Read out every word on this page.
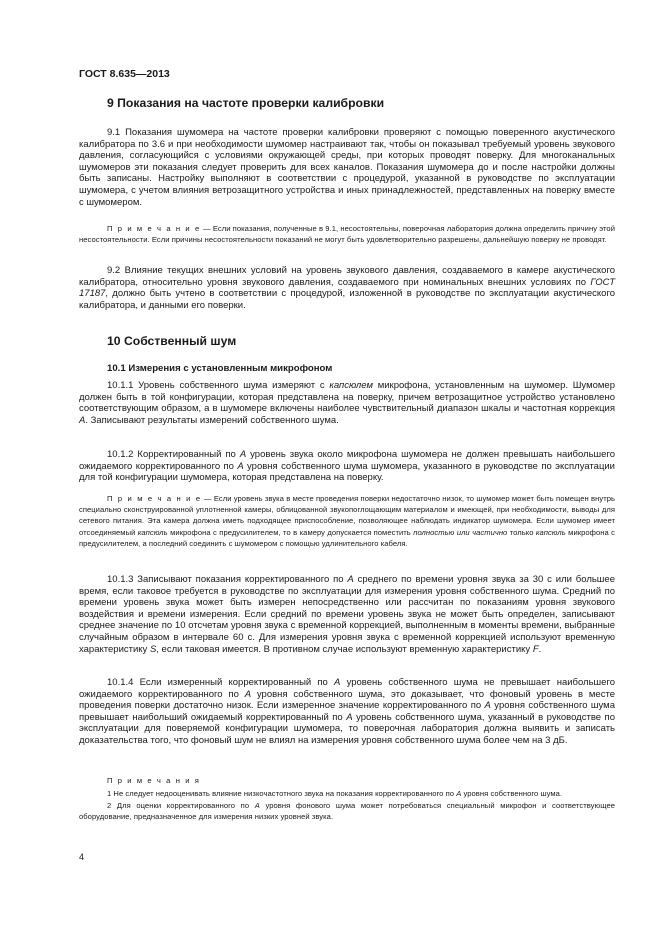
ГОСТ 8.635—2013

9 Показания на частоте проверки калибровки

9.1 Показания шумомера на частоте проверки калибровки проверяют с помощью поверенного акустического калибратора по 3.6 и при необходимости шумомер настраивают так, чтобы он показывал требуемый уровень звукового давления, согласующийся с условиями окружающей среды, при которых проводят поверку. Для многоканальных шумомеров эти показания следует проверить для всех каналов. Показания шумомера до и после настройки должны быть записаны. Настройку выполняют в соответствии с процедурой, указанной в руководстве по эксплуатации шумомера, с учетом влияния ветрозащитного устройства и иных принадлежностей, представленных на поверку вместе с шумомером.

П р и м е ч а н и е — Если показания, полученные в 9.1, несостоятельны, поверочная лаборатория должна определить причину этой несостоятельности. Если причины несостоятельности показаний не могут быть удовлетворительно разрешены, дальнейшую поверку не проводят.

9.2 Влияние текущих внешних условий на уровень звукового давления, создаваемого в камере акустического калибратора, относительно уровня звукового давления, создаваемого при номинальных внешних условиях по ГОСТ 17187, должно быть учтено в соответствии с процедурой, изложенной в руководстве по эксплуатации акустического калибратора, и данными его поверки.

10 Собственный шум

10.1 Измерения с установленным микрофоном

10.1.1 Уровень собственного шума измеряют с капсюлем микрофона, установленным на шумомер. Шумомер должен быть в той конфигурации, которая представлена на поверку, причем ветрозащитное устройство установлено соответствующим образом, а в шумомере включены наиболее чувствительный диапазон шкалы и частотная коррекция А. Записывают результаты измерений собственного шума.

10.1.2 Корректированный по А уровень звука около микрофона шумомера не должен превышать наибольшего ожидаемого корректированного по А уровня собственного шума шумомера, указанного в руководстве по эксплуатации для той конфигурации шумомера, которая представлена на поверку.

П р и м е ч а н и е — Если уровень звука в месте проведения поверки недостаточно низок, то шумомер может быть помещен внутрь специально сконструированной уплотненной камеры, облицованной звукопоглощающим материалом и имеющей, при необходимости, выводы для сетевого питания. Эта камера должна иметь подходящее приспособление, позволяющее наблюдать индикатор шумомера. Если шумомер имеет отсоединяемый капсюль микрофона с предусилителем, то в камеру допускается поместить полностью или частично только капсюль микрофона с предусилителем, а последний соединить с шумомером с помощью удлинительного кабеля.

10.1.3 Записывают показания корректированного по А среднего по времени уровня звука за 30 с или большее время, если таковое требуется в руководстве по эксплуатации для измерения уровня собственного шума. Средний по времени уровень звука может быть измерен непосредственно или рассчитан по показаниям уровня звукового воздействия и времени измерения. Если средний по времени уровень звука не может быть определен, записывают среднее значение по 10 отсчетам уровня звука с временной коррекцией, выполненным в моменты времени, выбранные случайным образом в интервале 60 с. Для измерения уровня звука с временной коррекцией используют временную характеристику S, если таковая имеется. В противном случае используют временную характеристику F.

10.1.4 Если измеренный корректированный по А уровень собственного шума не превышает наибольшего ожидаемого корректированного по А уровня собственного шума, это доказывает, что фоновый уровень в месте проведения поверки достаточно низок. Если измеренное значение корректированного по А уровня собственного шума превышает наибольший ожидаемый корректированный по А уровень собственного шума, указанный в руководстве по эксплуатации для поверяемой конфигурации шумомера, то поверочная лаборатория должна выявить и записать доказательства того, что фоновый шум не влиял на измерения уровня собственного шума более чем на 3 дБ.

П р и м е ч а н и я

1 Не следует недооценивать влияние низкочастотного звука на показания корректированного по А уровня собственного шума.

2 Для оценки корректированного по А уровня фонового шума может потребоваться специальный микрофон и соответствующее оборудование, предназначенное для измерения низких уровней звука.

4
